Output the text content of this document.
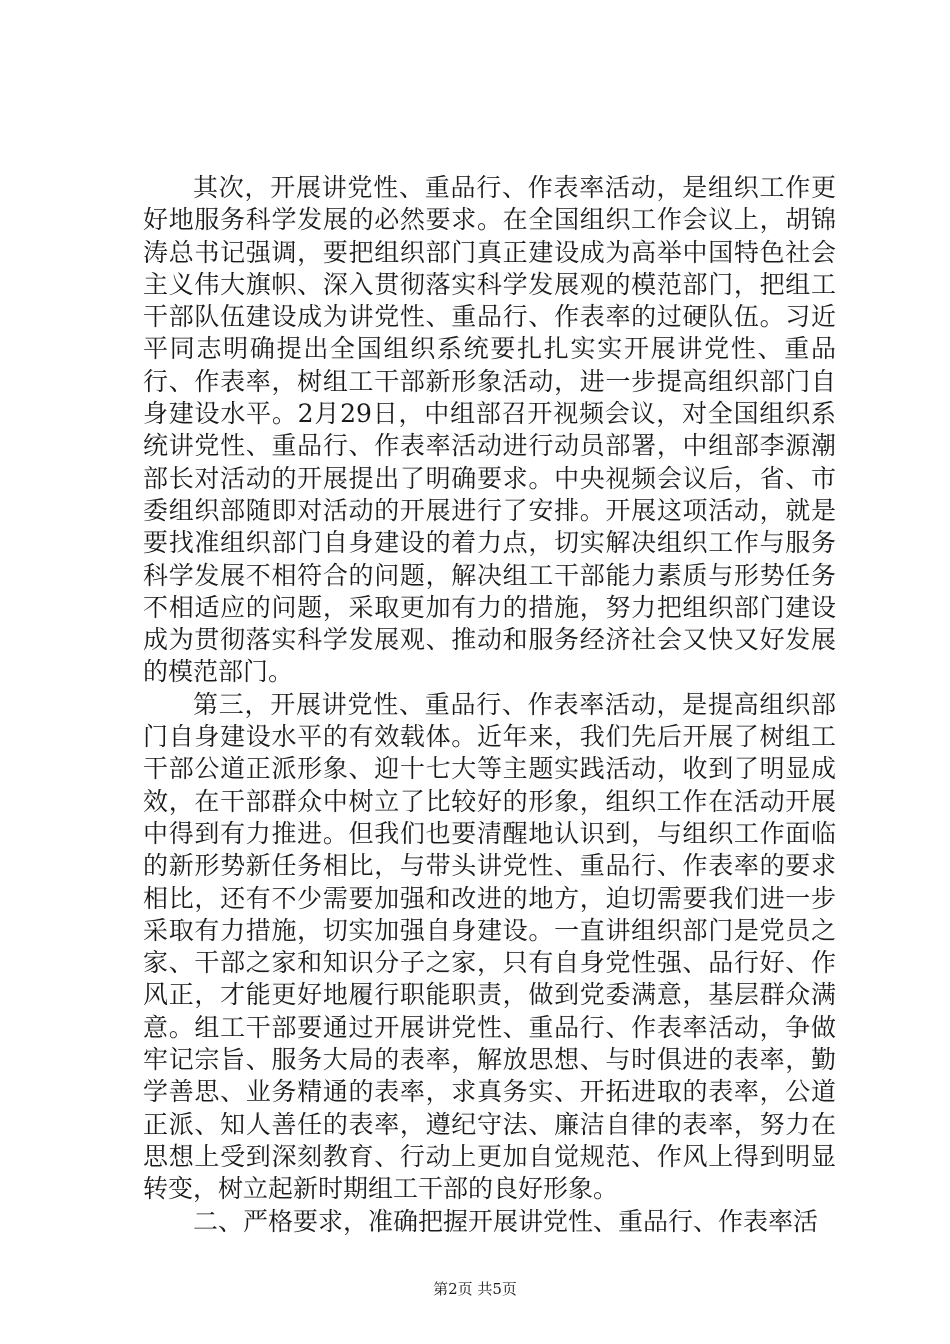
其次，开展讲党性、重品行、作表率活动，是组织工作更好地服务科学发展的必然要求。在全国组织工作会议上，胡锦涛总书记强调，要把组织部门真正建设成为高举中国特色社会主义伟大旗帜、深入贯彻落实科学发展观的模范部门，把组工干部队伍建设成为讲党性、重品行、作表率的过硬队伍。习近平同志明确提出全国组织系统要扎扎实实开展讲党性、重品行、作表率，树组工干部新形象活动，进一步提高组织部门自身建设水平。2月29日，中组部召开视频会议，对全国组织系统讲党性、重品行、作表率活动进行动员部署，中组部李源潮部长对活动的开展提出了明确要求。中央视频会议后，省、市委组织部随即对活动的开展进行了安排。开展这项活动，就是要找准组织部门自身建设的着力点，切实解决组织工作与服务科学发展不相符合的问题，解决组工干部能力素质与形势任务不相适应的问题，采取更加有力的措施，努力把组织部门建设成为贯彻落实科学发展观、推动和服务经济社会又快又好发展的模范部门。

第三，开展讲党性、重品行、作表率活动，是提高组织部门自身建设水平的有效载体。近年来，我们先后开展了树组工干部公道正派形象、迎十七大等主题实践活动，收到了明显成效，在干部群众中树立了比较好的形象，组织工作在活动开展中得到有力推进。但我们也要清醒地认识到，与组织工作面临的新形势新任务相比，与带头讲党性、重品行、作表率的要求相比，还有不少需要加强和改进的地方，迫切需要我们进一步采取有力措施，切实加强自身建设。一直讲组织部门是党员之家、干部之家和知识分子之家，只有自身党性强、品行好、作风正，才能更好地履行职能职责，做到党委满意，基层群众满意。组工干部要通过开展讲党性、重品行、作表率活动，争做牢记宗旨、服务大局的表率，解放思想、与时俱进的表率，勤学善思、业务精通的表率，求真务实、开拓进取的表率，公道正派、知人善任的表率，遵纪守法、廉洁自律的表率，努力在思想上受到深刻教育、行动上更加自觉规范、作风上得到明显转变，树立起新时期组工干部的良好形象。

二、严格要求，准确把握开展讲党性、重品行、作表率活

第2页 共5页
